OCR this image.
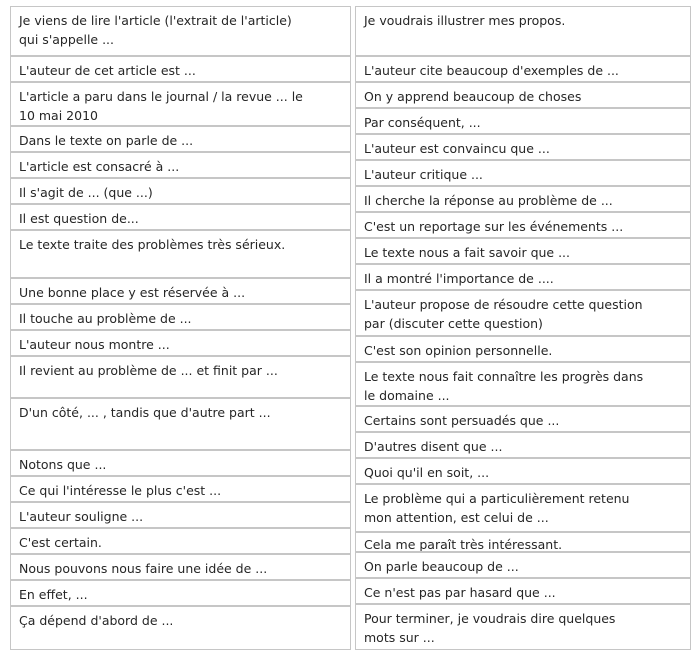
Je viens de lire l'article (l'extrait de l'article)
qui s'appelle ...
L'auteur de cet article est ...
L'article a paru dans le journal / la revue ... le
10 mai 2010
Dans le texte on parle de ...
L'article est consacré à ...
Il s'agit de ... (que ...)
Il est question de...
Le texte traite des problèmes très sérieux.
Une bonne place y est réservée à ...
Il touche au problème de ...
L'auteur nous montre ...
Il revient au problème de ... et finit par ...
D'un côté, ... , tandis que d'autre part ...
Notons que ...
Ce qui l'intéresse le plus c'est ...
L'auteur souligne ...
C'est certain.
Nous pouvons nous faire une idée de ...
En effet, ...
Ça dépend d'abord de ...
Je voudrais illustrer mes propos.
L'auteur cite beaucoup d'exemples de ...
On y apprend beaucoup de choses
Par conséquent, ...
L'auteur est convaincu que ...
L'auteur critique ...
Il cherche la réponse au problème de ...
C'est un reportage sur les événements ...
Le texte nous a fait savoir que ...
Il a montré l'importance de ....
L'auteur propose de résoudre cette question
par (discuter cette question)
C'est son opinion personnelle.
Le texte nous fait connaître les progrès dans
le domaine ...
Certains sont persuadés que ...
D'autres disent que ...
Quoi qu'il en soit, ...
Le problème qui a particulièrement retenu
mon attention, est celui de ...
Cela me paraît très intéressant.
On parle beaucoup de ...
Ce n'est pas par hasard que ...
Pour terminer, je voudrais dire quelques
mots sur ...
